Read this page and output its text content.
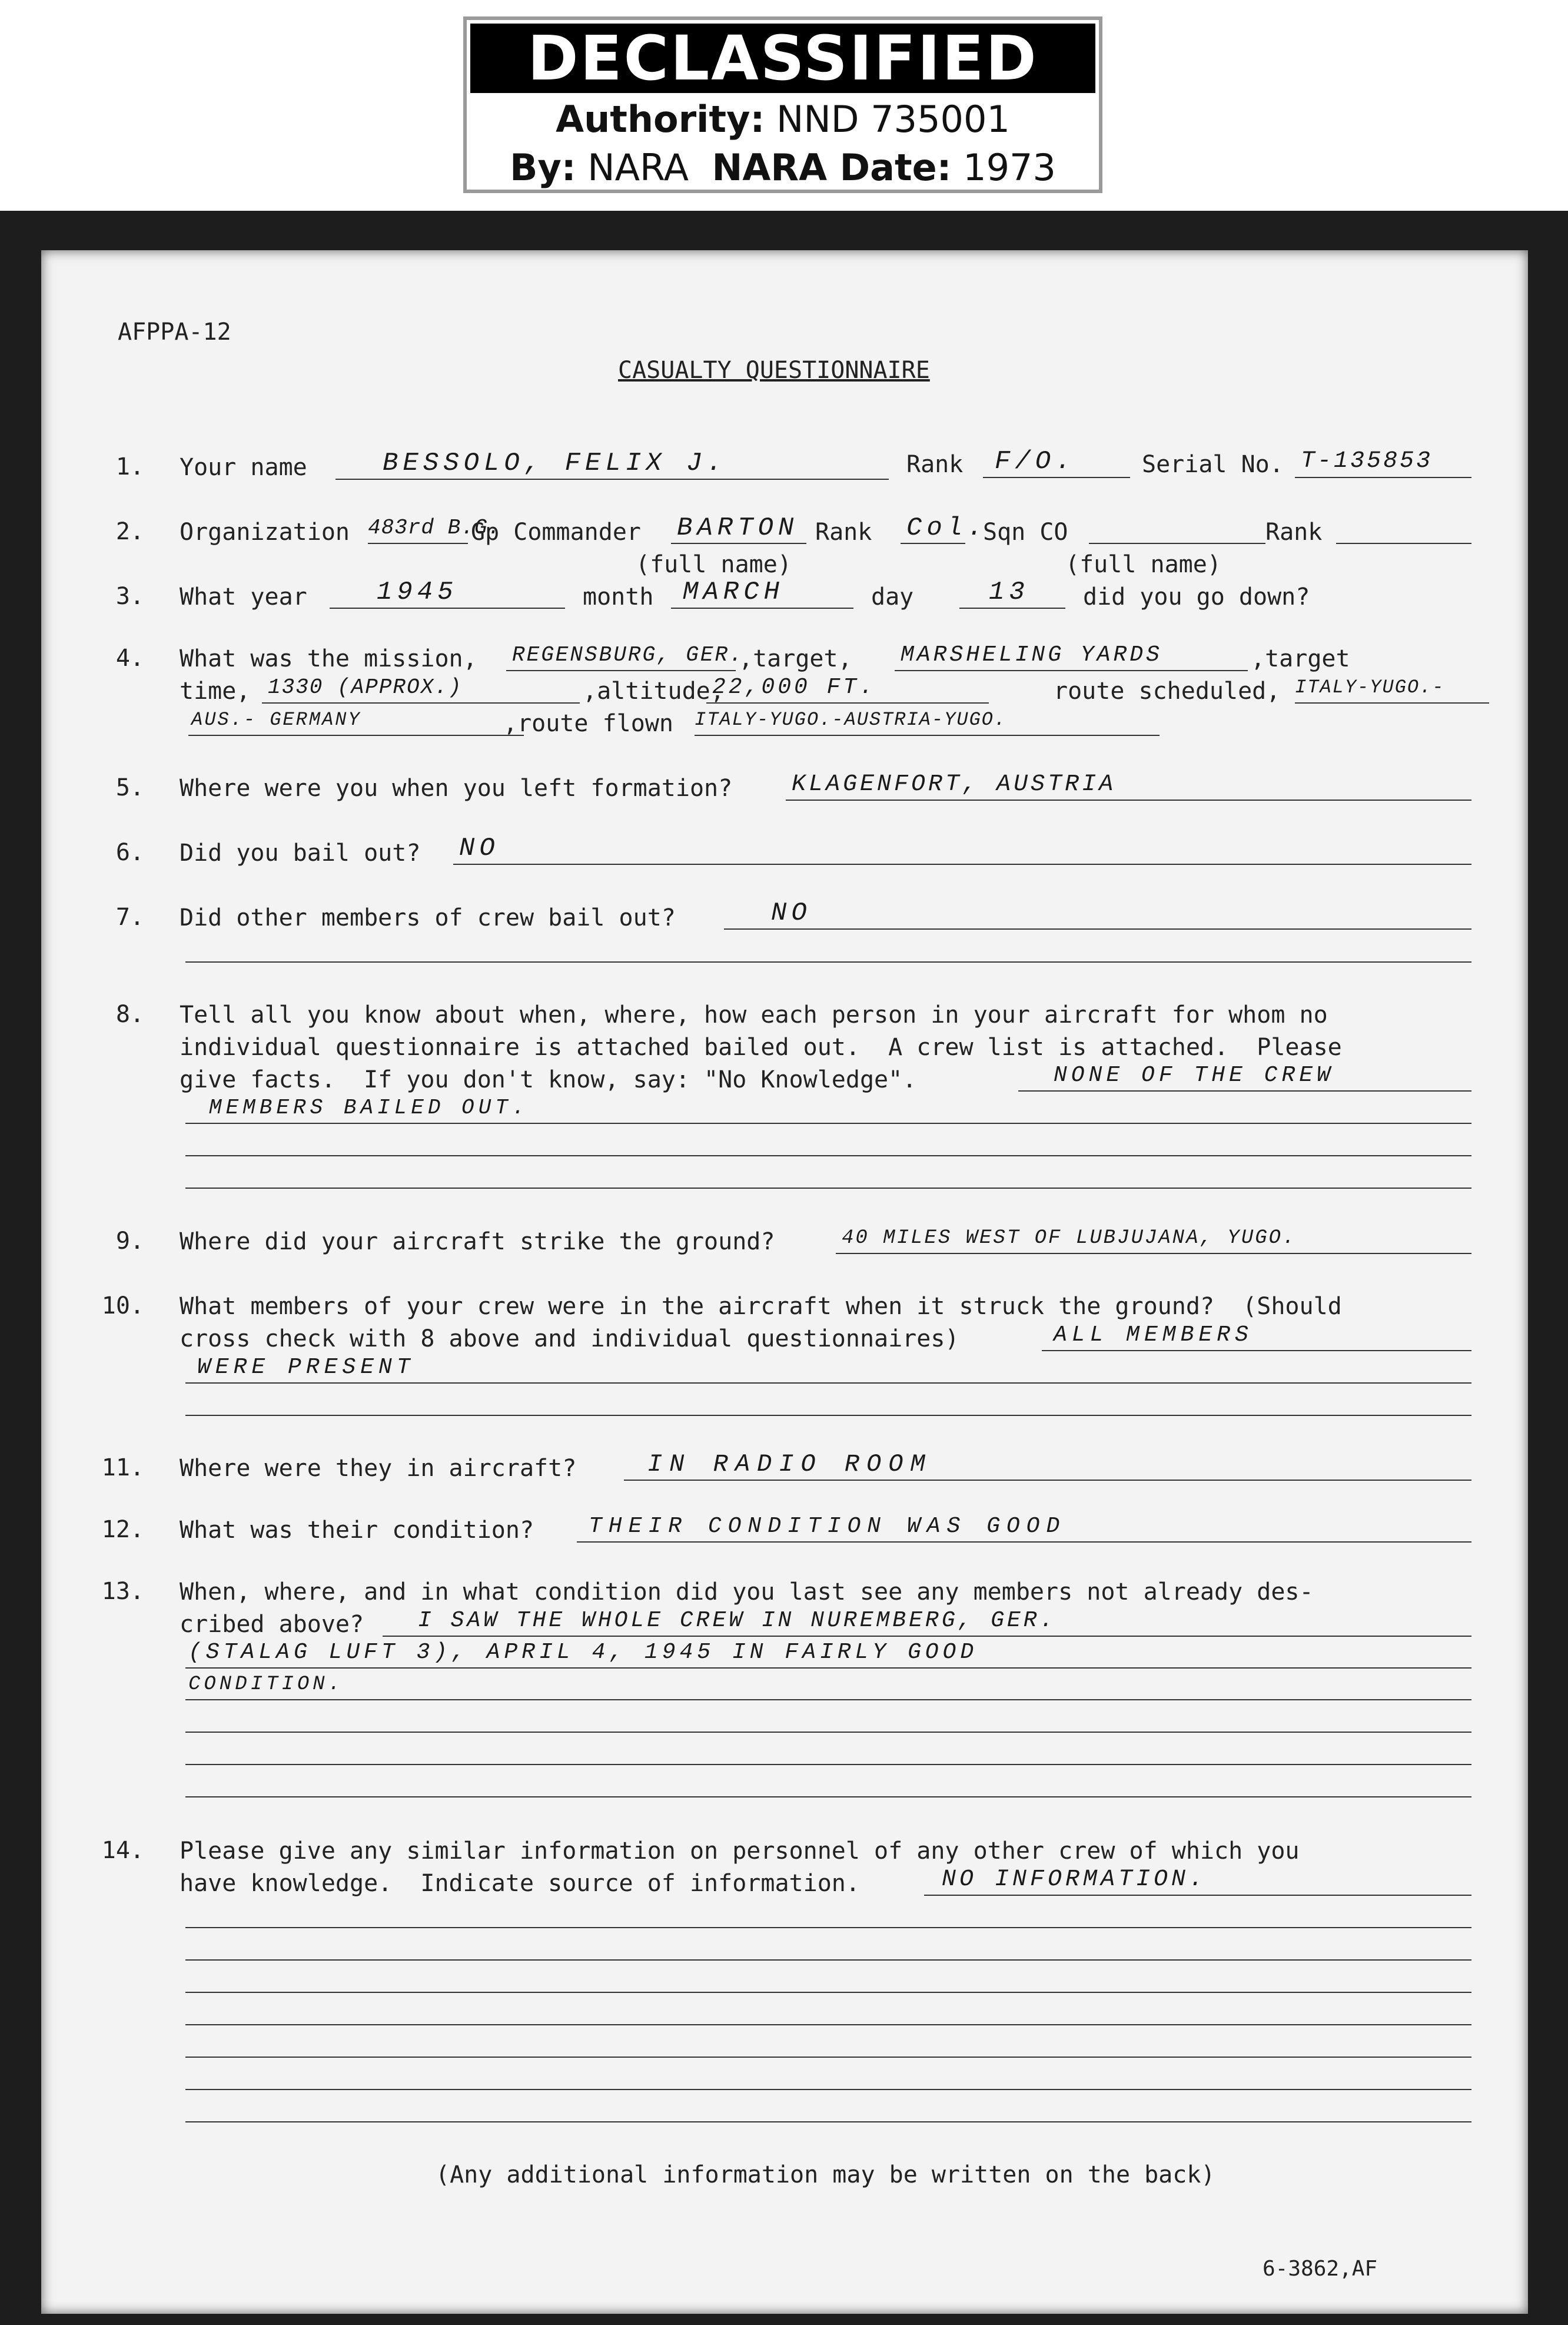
DECLASSIFIED
Authority: NND 735001
By: NARA NARA Date: 1973
AFPPA-12
CASUALTY QUESTIONNAIRE
1. Your name	BESSOLO, FELIX J.	Rank F/O.	Serial No. T-135853
2. Organization 483rd B.G.
Gp Commander BARTON Rank Col.
Sqn CO	Rank
(full name)	(full name)
3. What year	1945	month MARCH	day	13 did you go down?
4. What was the mission, REGENSBURG, GER.
,target, MARSHELING YARDS	,target
time, 1330 (APPROX.)	,altitude,
22,000 FT.	route scheduled, ITALY-YUGO.-
AUS.- GERMANY	,route flown ITALY-YUGO.-AUSTRIA-YUGO.
5. Where were you when you left formation?	KLAGENFORT, AUSTRIA
6. Did you bail out? NO
7. Did other members of crew bail out?	NO
8. Tell all you know about when, where, how each person in your aircraft for whom no
individual questionnaire is attached bailed out.  A crew list is attached.  Please
give facts.  If you don't know, say: "No Knowledge".	NONE OF THE CREW
MEMBERS BAILED OUT.
9. Where did your aircraft strike the ground?	40 MILES WEST OF LUBJUJANA, YUGO.
10. What members of your crew were in the aircraft when it struck the ground?  (Should
cross check with 8 above and individual questionnaires)	ALL MEMBERS
WERE PRESENT
11. Where were they in aircraft?	IN RADIO ROOM
12. What was their condition? THEIR CONDITION WAS GOOD
13. When, where, and in what condition did you last see any members not already des-
cribed above? I SAW THE WHOLE CREW IN NUREMBERG, GER.
(STALAG LUFT 3), APRIL 4, 1945 IN FAIRLY GOOD
CONDITION.
14. Please give any similar information on personnel of any other crew of which you
have knowledge.  Indicate source of information.	NO INFORMATION.
(Any additional information may be written on the back)
6-3862,AF
